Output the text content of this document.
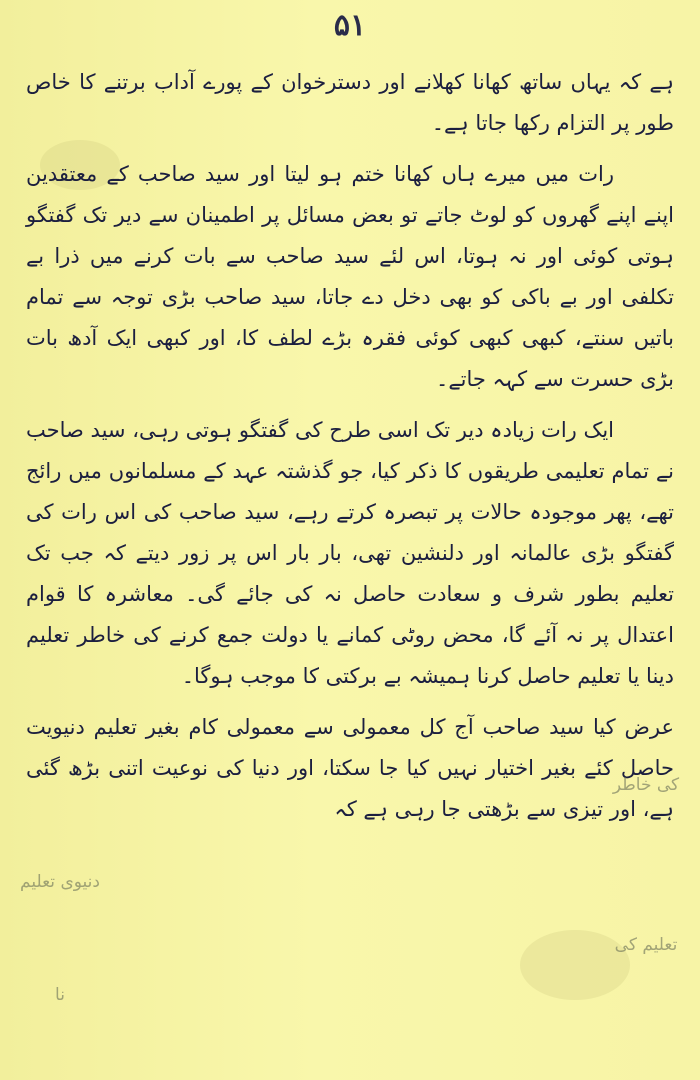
۵۱

ہے کہ یہاں ساتھ کھانا کھلانے اور دسترخوان کے پورے آداب برتنے کا خاص طور پر التزام رکھا جاتا ہے۔

رات میں میرے ہاں کھانا ختم ہو لیتا اور سید صاحب کے معتقدین اپنے اپنے گھروں کو لوٹ جاتے تو بعض مسائل پر اطمینان سے دیر تک گفتگو ہوتی کوئی اور نہ ہوتا، اس لئے سید صاحب سے بات کرنے میں ذرا بے تکلفی اور بے باکی کو بھی دخل دے جاتا، سید صاحب بڑی توجہ سے تمام باتیں سنتے، کبھی کبھی کوئی فقرہ بڑے لطف کا، اور کبھی ایک آدھ بات بڑی حسرت سے کہہ جاتے۔

ایک رات زیادہ دیر تک اسی طرح کی گفتگو ہوتی رہی، سید صاحب نے تمام تعلیمی طریقوں کا ذکر کیا، جو گذشتہ عہد کے مسلمانوں میں رائج تھے، پھر موجودہ حالات پر تبصرہ کرتے رہے، سید صاحب کی اس رات کی گفتگو بڑی عالمانہ اور دلنشین تھی، بار بار اس پر زور دیتے کہ جب تک تعلیم بطور شرف و سعادت حاصل نہ کی جائے گی۔ معاشرہ کا قوام اعتدال پر نہ آئے گا، محض روٹی کمانے یا دولت جمع کرنے کی خاطر تعلیم دینا یا تعلیم حاصل کرنا ہمیشہ بے برکتی کا موجب ہوگا۔

عرض کیا سید صاحب آج کل معمولی سے معمولی کام بغیر تعلیم دنیویت حاصل کئے بغیر اختیار نہیں کیا جا سکتا، اور دنیا کی نوعیت اتنی بڑھ گئی ہے، اور تیزی سے بڑھتی جا رہی ہے کہ

کی خاطر
دنیوی تعلیم
تعلیم کی
نا
